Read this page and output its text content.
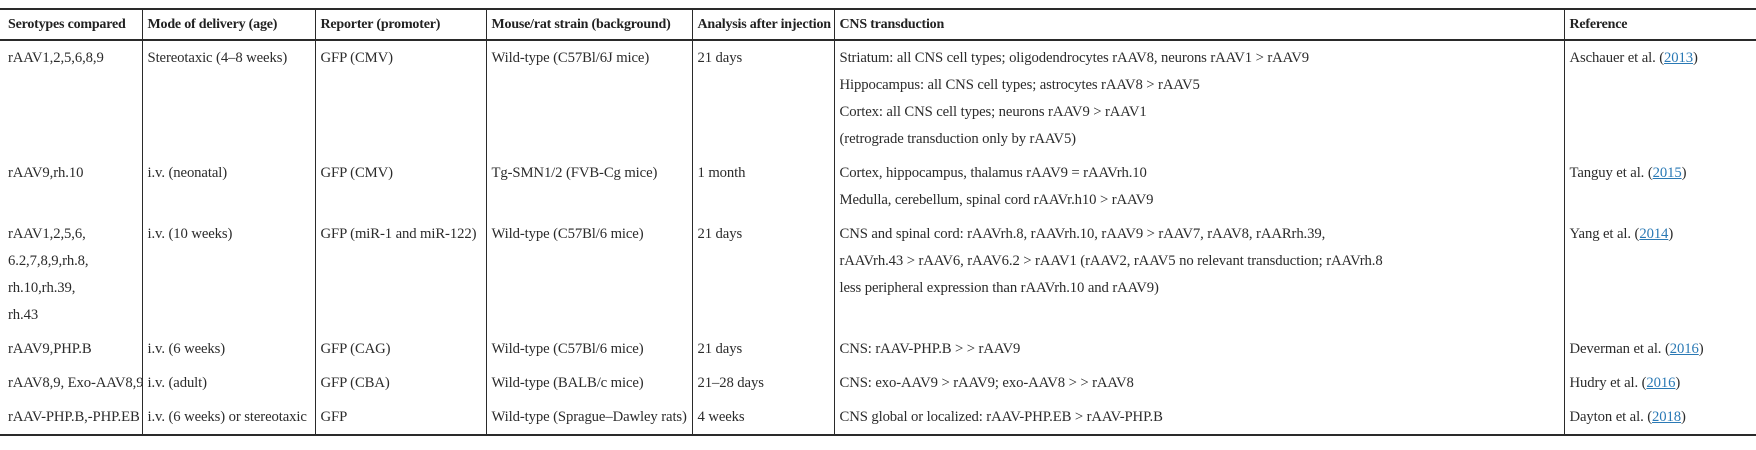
Serotypes compared	Mode of delivery (age)	Reporter (promoter)	Mouse/rat strain (background)	Analysis after injection	CNS transduction	Reference

rAAV1,2,5,6,8,9	Stereotaxic (4–8 weeks)	GFP (CMV)	Wild-type (C57Bl/6J mice)	21 days	Striatum: all CNS cell types; oligodendrocytes rAAV8, neurons rAAV1 > rAAV9
Hippocampus: all CNS cell types; astrocytes rAAV8 > rAAV5
Cortex: all CNS cell types; neurons rAAV9 > rAAV1
(retrograde transduction only by rAAV5)	Aschauer et al. (2013)

rAAV9,rh.10	i.v. (neonatal)	GFP (CMV)	Tg-SMN1/2 (FVB-Cg mice)	1 month	Cortex, hippocampus, thalamus rAAV9 = rAAVrh.10
Medulla, cerebellum, spinal cord rAAVr.h10 > rAAV9	Tanguy et al. (2015)

rAAV1,2,5,6,
6.2,7,8,9,rh.8,
rh.10,rh.39,
rh.43
	i.v. (10 weeks)	GFP (miR-1 and miR-122)	Wild-type (C57Bl/6 mice)	21 days	CNS and spinal cord: rAAVrh.8, rAAVrh.10, rAAV9 > rAAV7, rAAV8, rAARrh.39,
rAAVrh.43 > rAAV6, rAAV6.2 > rAAV1 (rAAV2, rAAV5 no relevant transduction; rAAVrh.8
less peripheral expression than rAAVrh.10 and rAAV9)
	Yang et al. (2014)

rAAV9,PHP.B	i.v. (6 weeks)	GFP (CAG)	Wild-type (C57Bl/6 mice)	21 days	CNS: rAAV-PHP.B > > rAAV9	Deverman et al. (2016)

rAAV8,9, Exo-AAV8,9	i.v. (adult)	GFP (CBA)	Wild-type (BALB/c mice)	21–28 days	CNS: exo-AAV9 > rAAV9; exo-AAV8 > > rAAV8	Hudry et al. (2016)

rAAV-PHP.B,-PHP.EB	i.v. (6 weeks) or stereotaxic	GFP	Wild-type (Sprague–Dawley rats)	4 weeks	CNS global or localized: rAAV-PHP.EB > rAAV-PHP.B	Dayton et al. (2018)
